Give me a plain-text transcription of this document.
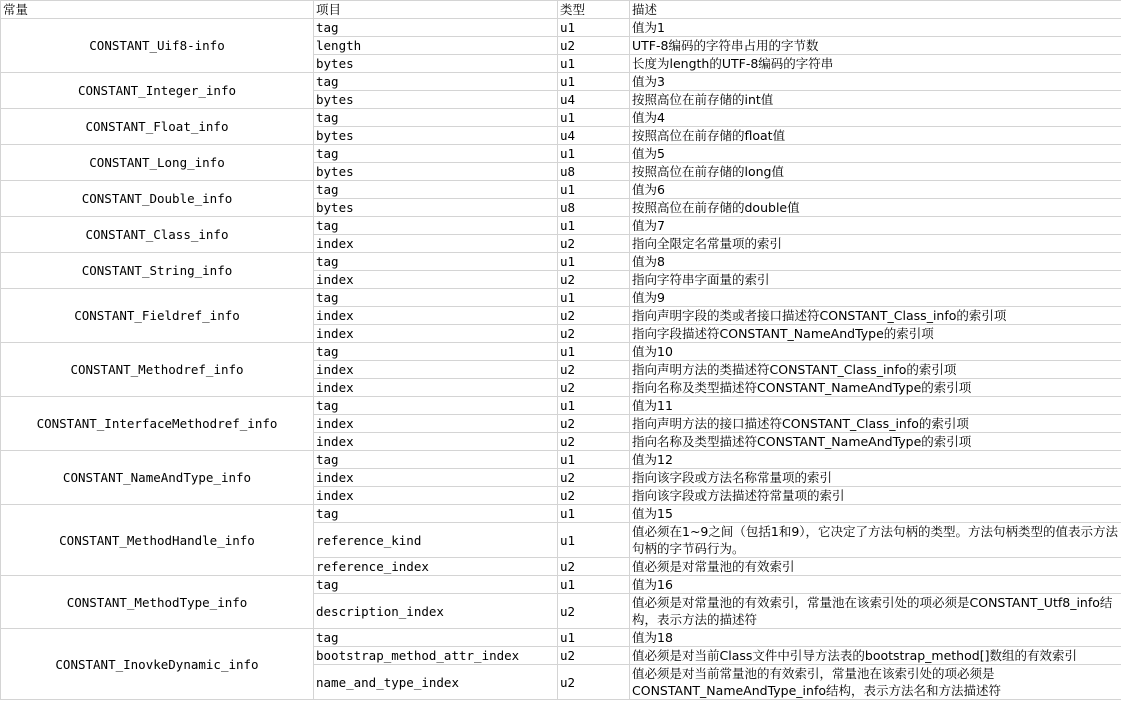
常量	项目	类型	描述
CONSTANT_Uif8-info	tag	u1	值为1
	length	u2	UTF-8编码的字符串占用的字节数
	bytes	u1	长度为length的UTF-8编码的字符串
CONSTANT_Integer_info	tag	u1	值为3
	bytes	u4	按照高位在前存储的int值
CONSTANT_Float_info	tag	u1	值为4
	bytes	u4	按照高位在前存储的float值
CONSTANT_Long_info	tag	u1	值为5
	bytes	u8	按照高位在前存储的long值
CONSTANT_Double_info	tag	u1	值为6
	bytes	u8	按照高位在前存储的double值
CONSTANT_Class_info	tag	u1	值为7
	index	u2	指向全限定名常量项的索引
CONSTANT_String_info	tag	u1	值为8
	index	u2	指向字符串字面量的索引
CONSTANT_Fieldref_info	tag	u1	值为9
	index	u2	指向声明字段的类或者接口描述符CONSTANT_Class_info的索引项
	index	u2	指向字段描述符CONSTANT_NameAndType的索引项
CONSTANT_Methodref_info	tag	u1	值为10
	index	u2	指向声明方法的类描述符CONSTANT_Class_info的索引项
	index	u2	指向名称及类型描述符CONSTANT_NameAndType的索引项
CONSTANT_InterfaceMethodref_info	tag	u1	值为11
	index	u2	指向声明方法的接口描述符CONSTANT_Class_info的索引项
	index	u2	指向名称及类型描述符CONSTANT_NameAndType的索引项
CONSTANT_NameAndType_info	tag	u1	值为12
	index	u2	指向该字段或方法名称常量项的索引
	index	u2	指向该字段或方法描述符常量项的索引
CONSTANT_MethodHandle_info	tag	u1	值为15
	reference_kind	u1	值必须在1~9之间（包括1和9），它决定了方法句柄的类型。方法句柄类型的值表示方法句柄的字节码行为。
	reference_index	u2	值必须是对常量池的有效索引
CONSTANT_MethodType_info	tag	u1	值为16
	description_index	u2	值必须是对常量池的有效索引，常量池在该索引处的项必须是CONSTANT_Utf8_info结构，表示方法的描述符
CONSTANT_InovkeDynamic_info	tag	u1	值为18
	bootstrap_method_attr_index	u2	值必须是对当前Class文件中引导方法表的bootstrap_method[]数组的有效索引
	name_and_type_index	u2	值必须是对当前常量池的有效索引，常量池在该索引处的项必须是CONSTANT_NameAndType_info结构，表示方法名和方法描述符
